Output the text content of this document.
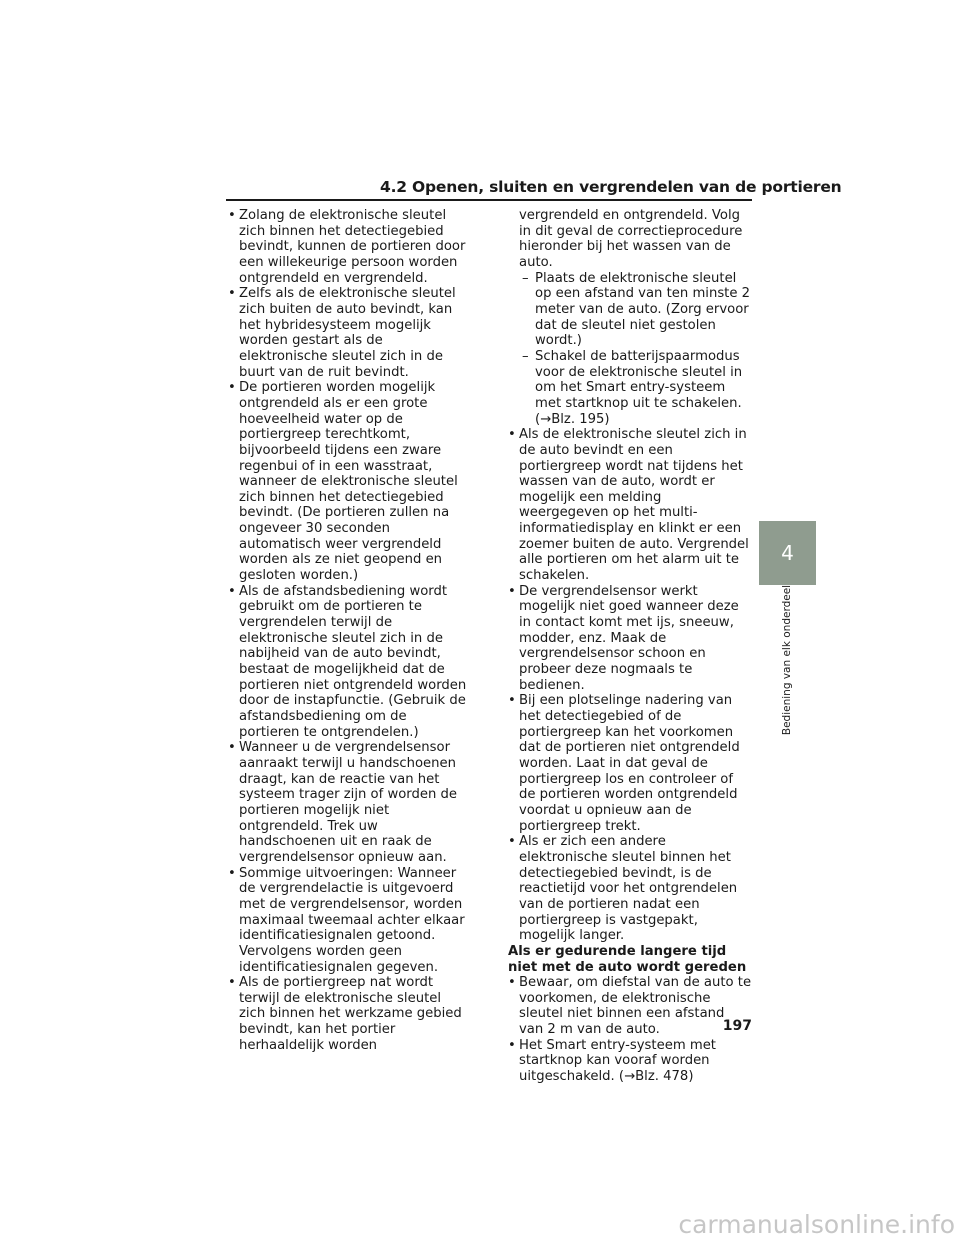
4.2 Openen, sluiten en vergrendelen van de portieren

• Zolang de elektronische sleutel zich binnen het detectiegebied bevindt, kunnen de portieren door een willekeurige persoon worden ontgrendeld en vergrendeld.

• Zelfs als de elektronische sleutel zich buiten de auto bevindt, kan het hybridesysteem mogelijk worden gestart als de elektronische sleutel zich in de buurt van de ruit bevindt.

• De portieren worden mogelijk ontgrendeld als er een grote hoeveelheid water op de portiergreep terechtkomt, bijvoorbeeld tijdens een zware regenbui of in een wasstraat, wanneer de elektronische sleutel zich binnen het detectiegebied bevindt. (De portieren zullen na ongeveer 30 seconden automatisch weer vergrendeld worden als ze niet geopend en gesloten worden.)

• Als de afstandsbediening wordt gebruikt om de portieren te vergrendelen terwijl de elektronische sleutel zich in de nabijheid van de auto bevindt, bestaat de mogelijkheid dat de portieren niet ontgrendeld worden door de instapfunctie. (Gebruik de afstandsbediening om de portieren te ontgrendelen.)

• Wanneer u de vergrendelsensor aanraakt terwijl u handschoenen draagt, kan de reactie van het systeem trager zijn of worden de portieren mogelijk niet ontgrendeld. Trek uw handschoenen uit en raak de vergrendelsensor opnieuw aan.

• Sommige uitvoeringen: Wanneer de vergrendelactie is uitgevoerd met de vergrendelsensor, worden maximaal tweemaal achter elkaar identificatiesignalen getoond. Vervolgens worden geen identificatiesignalen gegeven.

• Als de portiergreep nat wordt terwijl de elektronische sleutel zich binnen het werkzame gebied bevindt, kan het portier herhaaldelijk worden

vergrendeld en ontgrendeld. Volg in dit geval de correctieprocedure hieronder bij het wassen van de auto.

– Plaats de elektronische sleutel op een afstand van ten minste 2 meter van de auto. (Zorg ervoor dat de sleutel niet gestolen wordt.)

– Schakel de batterijspaarmodus voor de elektronische sleutel in om het Smart entry-systeem met startknop uit te schakelen. (→Blz. 195)

• Als de elektronische sleutel zich in de auto bevindt en een portiergreep wordt nat tijdens het wassen van de auto, wordt er mogelijk een melding weergegeven op het multi-informatiedisplay en klinkt er een zoemer buiten de auto. Vergrendel alle portieren om het alarm uit te schakelen.

• De vergrendelsensor werkt mogelijk niet goed wanneer deze in contact komt met ijs, sneeuw, modder, enz. Maak de vergrendelsensor schoon en probeer deze nogmaals te bedienen.

• Bij een plotselinge nadering van het detectiegebied of de portiergreep kan het voorkomen dat de portieren niet ontgrendeld worden. Laat in dat geval de portiergreep los en controleer of de portieren worden ontgrendeld voordat u opnieuw aan de portiergreep trekt.

• Als er zich een andere elektronische sleutel binnen het detectiegebied bevindt, is de reactietijd voor het ontgrendelen van de portieren nadat een portiergreep is vastgepakt, mogelijk langer.

Als er gedurende langere tijd niet met de auto wordt gereden

• Bewaar, om diefstal van de auto te voorkomen, de elektronische sleutel niet binnen een afstand van 2 m van de auto.

• Het Smart entry-systeem met startknop kan vooraf worden uitgeschakeld. (→Blz. 478)

4
Bediening van elk onderdeel
197
carmanualsonline.info
